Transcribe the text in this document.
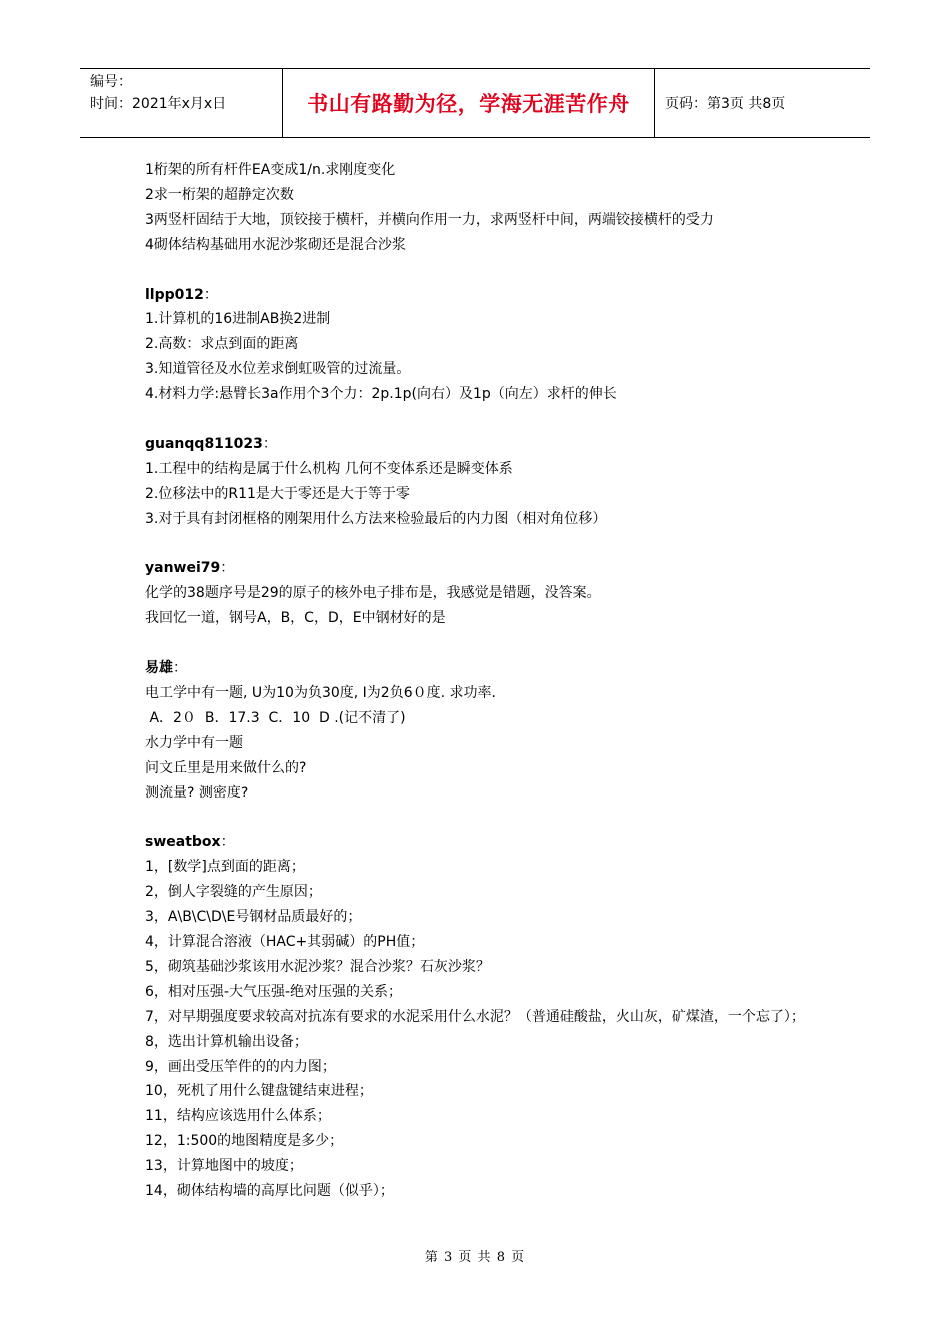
编号：
时间：2021年x月x日	书山有路勤为径，学海无涯苦作舟	页码：第3页 共8页
1桁架的所有杆件EA变成1/n.求刚度变化
2求一桁架的超静定次数
3两竖杆固结于大地，顶铰接于横杆，并横向作用一力，求两竖杆中间，两端铰接横杆的受力
4砌体结构基础用水泥沙浆砌还是混合沙浆
llpp012：
1.计算机的16进制AB换2进制
2.高数：求点到面的距离
3.知道管径及水位差求倒虹吸管的过流量。
4.材料力学:悬臂长3a作用个3个力：2p.1p(向右）及1p（向左）求杆的伸长
guanqq811023：
1.工程中的结构是属于什么机构 几何不变体系还是瞬变体系
2.位移法中的R11是大于零还是大于等于零
3.对于具有封闭框格的刚架用什么方法来检验最后的内力图（相对角位移）
yanwei79：
化学的38题序号是29的原子的核外电子排布是，我感觉是错题，没答案。
我回忆一道，钢号A，B，C，D，E中钢材好的是
易雄：
电工学中有一题, U为10为负30度, I为2负6０度. 求功率.
A．2０  B．17.3  C．10  D .(记不清了)
水力学中有一题
问文丘里是用来做什么的?
测流量? 测密度?
sweatbox：
1，[数学]点到面的距离；
2，倒人字裂缝的产生原因；
3，A\B\C\D\E号钢材品质最好的；
4，计算混合溶液（HAC+其弱碱）的PH值；
5，砌筑基础沙浆该用水泥沙浆？混合沙浆？石灰沙浆？
6，相对压强-大气压强-绝对压强的关系；
7，对早期强度要求较高对抗冻有要求的水泥采用什么水泥？（普通硅酸盐，火山灰，矿煤渣，一个忘了）；
8，选出计算机输出设备；
9，画出受压竿件的的内力图；
10，死机了用什么键盘键结束进程；
11，结构应该选用什么体系；
12，1:500的地图精度是多少；
13，计算地图中的坡度；
14，砌体结构墙的高厚比问题（似乎）；
第 3 页 共 8 页
